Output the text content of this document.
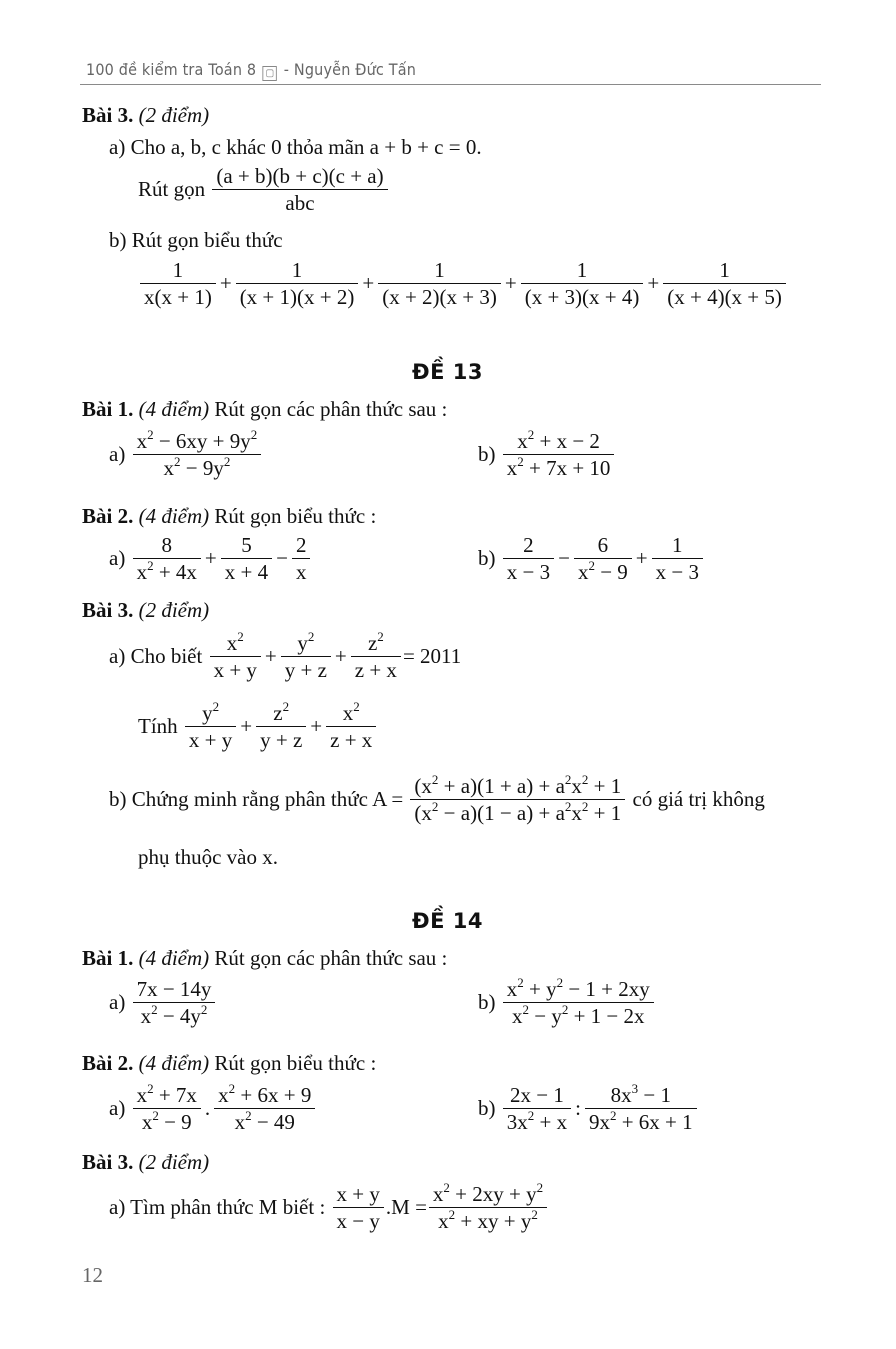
100 đề kiểm tra Toán 8 ▢ - Nguyễn Đức Tấn
Bài 3. (2 điểm)
a) Cho a, b, c khác 0 thỏa mãn a + b + c = 0.
Rút gọn
$\frac{(a + b)(b + c)(c + a)}{\text{abc}}$
b) Rút gọn biểu thức
$\frac{1}{x(x + 1)} + \frac{1}{(x + 1)(x + 2)} + \frac{1}{(x + 2)(x + 3)} + \frac{1}{(x + 3)(x + 4)} + \frac{1}{(x + 4)(x + 5)}$
ĐỀ 13
Bài 1. (4 điểm) Rút gọn các phân thức sau :
a)
$\frac{x^2 - 6xy + 9y^2}{x^2 - 9y^2}$	b)
$\frac{x^2 + x - 2}{x^2 + 7x + 10}$
Bài 2. (4 điểm) Rút gọn biểu thức :
a)
$\frac{8}{x^2 + 4x} + \frac{5}{x + 4} - \frac{2}{x}$	b)
$\frac{2}{x - 3} - \frac{6}{x^2 - 9} + \frac{1}{x - 3}$
Bài 3. (2 điểm)
a) Cho biết
$\frac{x^2}{x + y} + \frac{y^2}{y + z} + \frac{z^2}{z + x} = 2011$
Tính
$\frac{y^2}{x + y} + \frac{z^2}{y + z} + \frac{x^2}{z + x}$
b) Chứng minh rằng phân thức A =
$\frac{(x^2 + a)(1 + a) + a^2x^2 + 1}{(x^2 - a)(1 - a) + a^2x^2 + 1}$
có giá trị không
phụ thuộc vào x.
ĐỀ 14
Bài 1. (4 điểm) Rút gọn các phân thức sau :
a)
$\frac{7x - 14y}{x^2 - 4y^2}$	b)
$\frac{x^2 + y^2 - 1 + 2xy}{x^2 - y^2 + 1 - 2x}$
Bài 2. (4 điểm) Rút gọn biểu thức :
a)
$\frac{x^2 + 7x}{x^2 - 9}$ . $\frac{x^2 + 6x + 9}{x^2 - 49}$	b)
$\frac{2x - 1}{3x^2 + x}$ : $\frac{8x^3 - 1}{9x^2 + 6x + 1}$
Bài 3. (2 điểm)
a) Tìm phân thức M biết :
$\frac{x + y}{x - y} .M = \frac{x^2 + 2xy + y^2}{x^2 + xy + y^2}$
12
